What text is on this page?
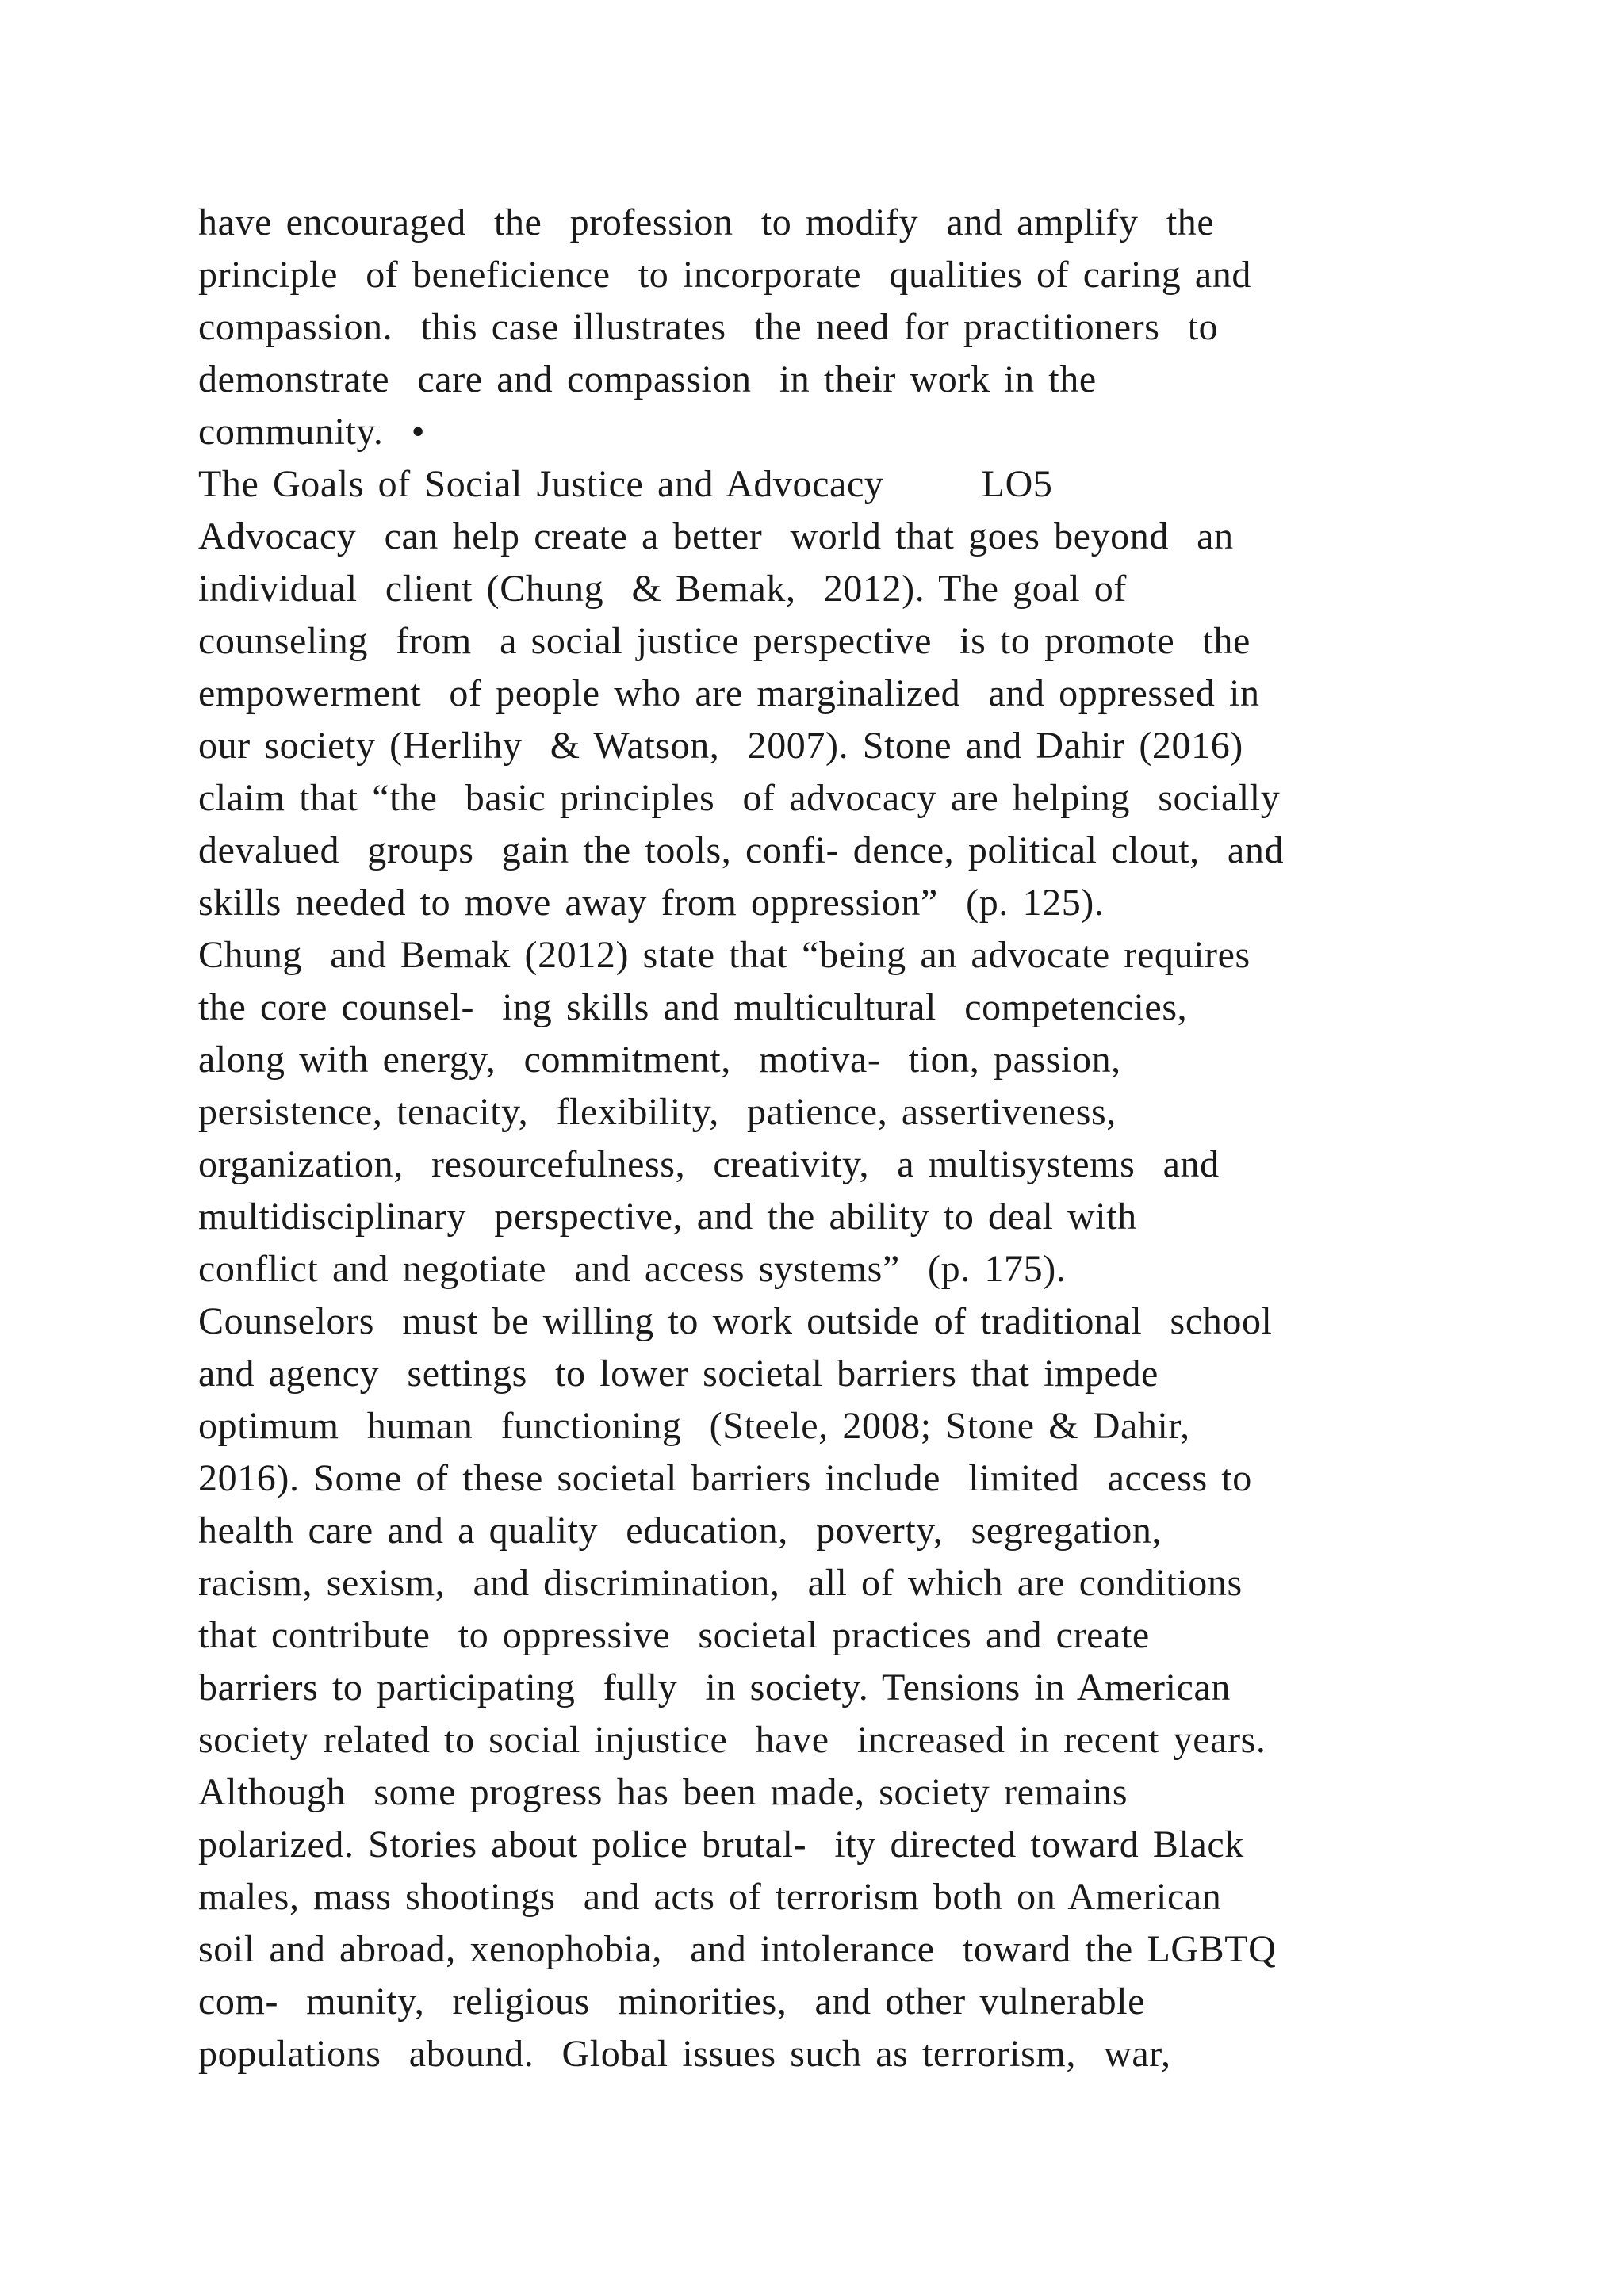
have encouraged  the  profession  to modify  and amplify  the
principle  of beneficience  to incorporate  qualities of caring and
compassion.  this case illustrates  the need for practitioners  to
demonstrate  care and compassion  in their work in the
community.  •
The Goals of Social Justice and Advocacy       LO5
Advocacy  can help create a better  world that goes beyond  an
individual  client (Chung  & Bemak,  2012). The goal of
counseling  from  a social justice perspective  is to promote  the
empowerment  of people who are marginalized  and oppressed in
our society (Herlihy  & Watson,  2007). Stone and Dahir (2016)
claim that “the  basic principles  of advocacy are helping  socially
devalued  groups  gain the tools, confi- dence, political clout,  and
skills needed to move away from oppression”  (p. 125).
Chung  and Bemak (2012) state that “being an advocate requires
the core counsel-  ing skills and multicultural  competencies,
along with energy,  commitment,  motiva-  tion, passion,
persistence, tenacity,  flexibility,  patience, assertiveness,
organization,  resourcefulness,  creativity,  a multisystems  and
multidisciplinary  perspective, and the ability to deal with
conflict and negotiate  and access systems”  (p. 175).
Counselors  must be willing to work outside of traditional  school
and agency  settings  to lower societal barriers that impede
optimum  human  functioning  (Steele, 2008; Stone & Dahir,
2016). Some of these societal barriers include  limited  access to
health care and a quality  education,  poverty,  segregation,
racism, sexism,  and discrimination,  all of which are conditions
that contribute  to oppressive  societal practices and create
barriers to participating  fully  in society. Tensions in American
society related to social injustice  have  increased in recent years.
Although  some progress has been made, society remains
polarized. Stories about police brutal-  ity directed toward Black
males, mass shootings  and acts of terrorism both on American
soil and abroad, xenophobia,  and intolerance  toward the LGBTQ
com-  munity,  religious  minorities,  and other vulnerable
populations  abound.  Global issues such as terrorism,  war,
